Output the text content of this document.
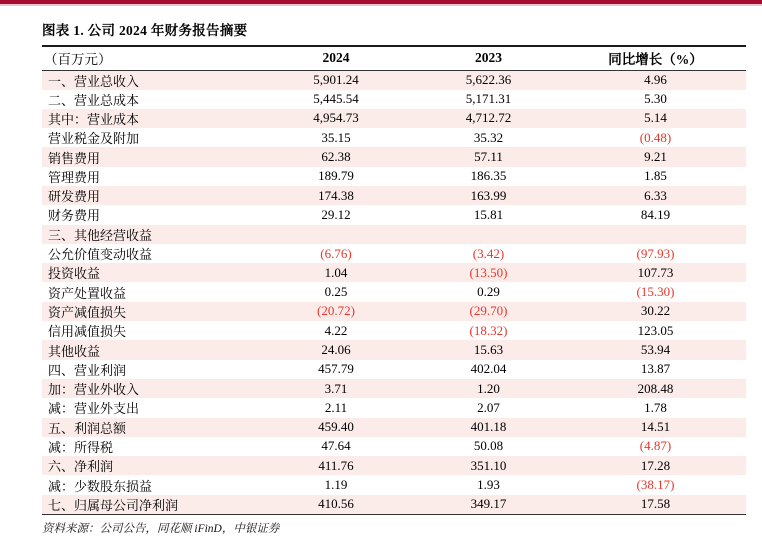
图表 1. 公司 2024 年财务报告摘要
（百万元）	2024	2023	同比增长（%）
一、营业总收入	5,901.24	5,622.36	4.96
二、营业总成本	5,445.54	5,171.31	5.30
其中：营业成本	4,954.73	4,712.72	5.14
营业税金及附加	35.15	35.32	(0.48)
销售费用	62.38	57.11	9.21
管理费用	189.79	186.35	1.85
研发费用	174.38	163.99	6.33
财务费用	29.12	15.81	84.19
三、其他经营收益			
公允价值变动收益	(6.76)	(3.42)	(97.93)
投资收益	1.04	(13.50)	107.73
资产处置收益	0.25	0.29	(15.30)
资产减值损失	(20.72)	(29.70)	30.22
信用减值损失	4.22	(18.32)	123.05
其他收益	24.06	15.63	53.94
四、营业利润	457.79	402.04	13.87
加：营业外收入	3.71	1.20	208.48
减：营业外支出	2.11	2.07	1.78
五、利润总额	459.40	401.18	14.51
减：所得税	47.64	50.08	(4.87)
六、净利润	411.76	351.10	17.28
减：少数股东损益	1.19	1.93	(38.17)
七、归属母公司净利润	410.56	349.17	17.58
资料来源：公司公告，同花顺 iFinD，中银证券
